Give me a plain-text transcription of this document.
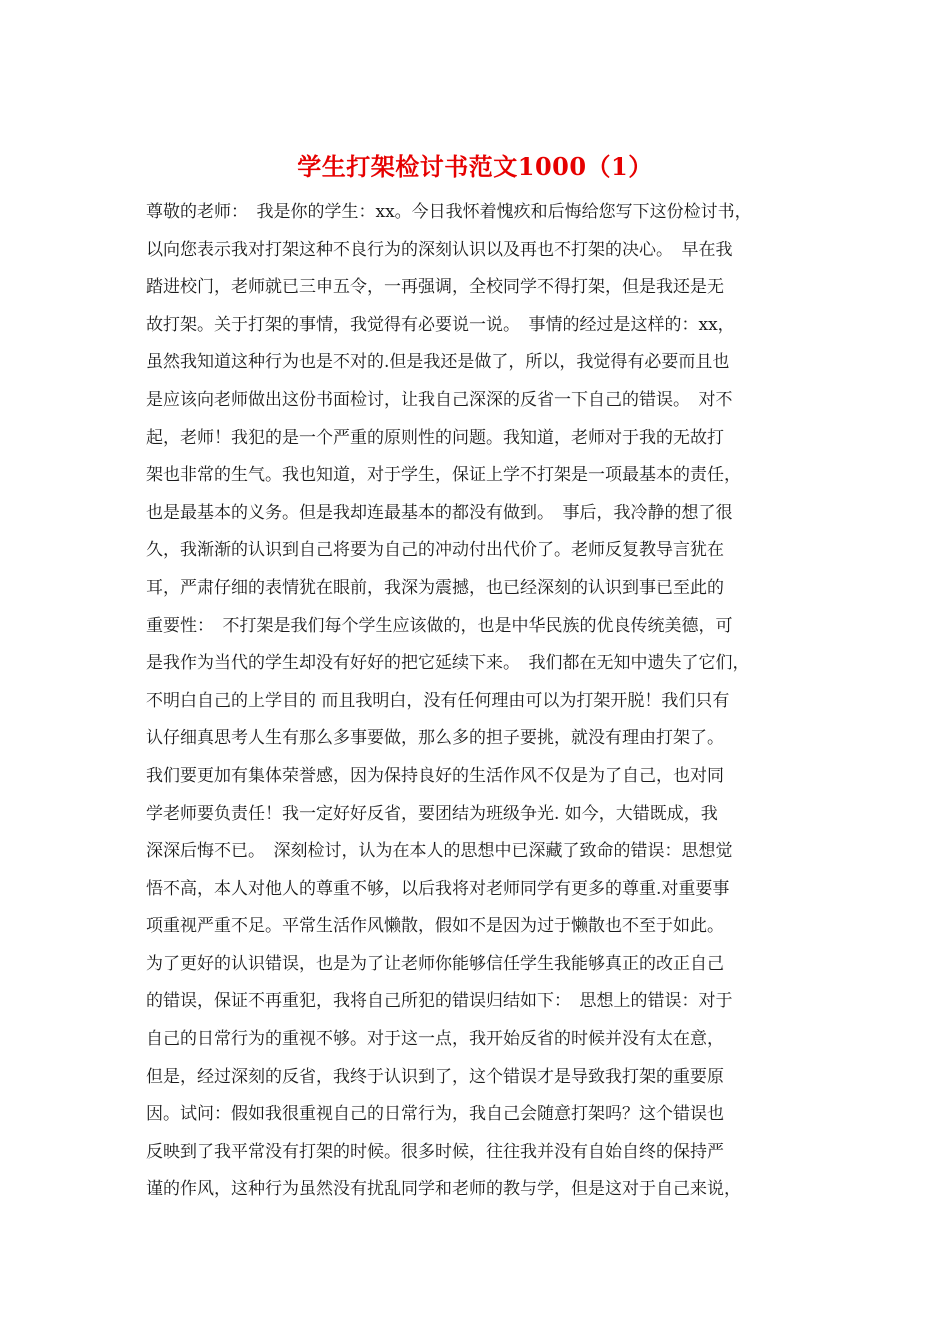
学生打架检讨书范文1000（1）
尊敬的老师：　我是你的学生：xx。今日我怀着愧疚和后悔给您写下这份检讨书，
以向您表示我对打架这种不良行为的深刻认识以及再也不打架的决心。　早在我
踏进校门，老师就已三申五令，一再强调，全校同学不得打架，但是我还是无
故打架。关于打架的事情，我觉得有必要说一说。　事情的经过是这样的：xx，
虽然我知道这种行为也是不对的.但是我还是做了，所以，我觉得有必要而且也
是应该向老师做出这份书面检讨，让我自己深深的反省一下自己的错误。　对不
起，老师！我犯的是一个严重的原则性的问题。我知道，老师对于我的无故打
架也非常的生气。我也知道，对于学生，保证上学不打架是一项最基本的责任，
也是最基本的义务。但是我却连最基本的都没有做到。　事后，我冷静的想了很
久，我渐渐的认识到自己将要为自己的冲动付出代价了。老师反复教导言犹在
耳，严肃仔细的表情犹在眼前，我深为震撼，也已经深刻的认识到事已至此的
重要性：　不打架是我们每个学生应该做的，也是中华民族的优良传统美德，可
是我作为当代的学生却没有好好的把它延续下来。　我们都在无知中遗失了它们，
不明白自己的上学目的 而且我明白，没有任何理由可以为打架开脱！我们只有
认仔细真思考人生有那么多事要做，那么多的担子要挑，就没有理由打架了。
我们要更加有集体荣誉感，因为保持良好的生活作风不仅是为了自己，也对同
学老师要负责任！我一定好好反省，要团结为班级争光. 如今，大错既成，我
深深后悔不已。　深刻检讨，认为在本人的思想中已深藏了致命的错误：思想觉
悟不高，本人对他人的尊重不够，以后我将对老师同学有更多的尊重.对重要事
项重视严重不足。平常生活作风懒散，假如不是因为过于懒散也不至于如此。
为了更好的认识错误，也是为了让老师你能够信任学生我能够真正的改正自己
的错误，保证不再重犯，我将自己所犯的错误归结如下：　思想上的错误：对于
自己的日常行为的重视不够。对于这一点，我开始反省的时候并没有太在意，
但是，经过深刻的反省，我终于认识到了，这个错误才是导致我打架的重要原
因。试问：假如我很重视自己的日常行为，我自己会随意打架吗？这个错误也
反映到了我平常没有打架的时候。很多时候，往往我并没有自始自终的保持严
谨的作风，这种行为虽然没有扰乱同学和老师的教与学，但是这对于自己来说，
